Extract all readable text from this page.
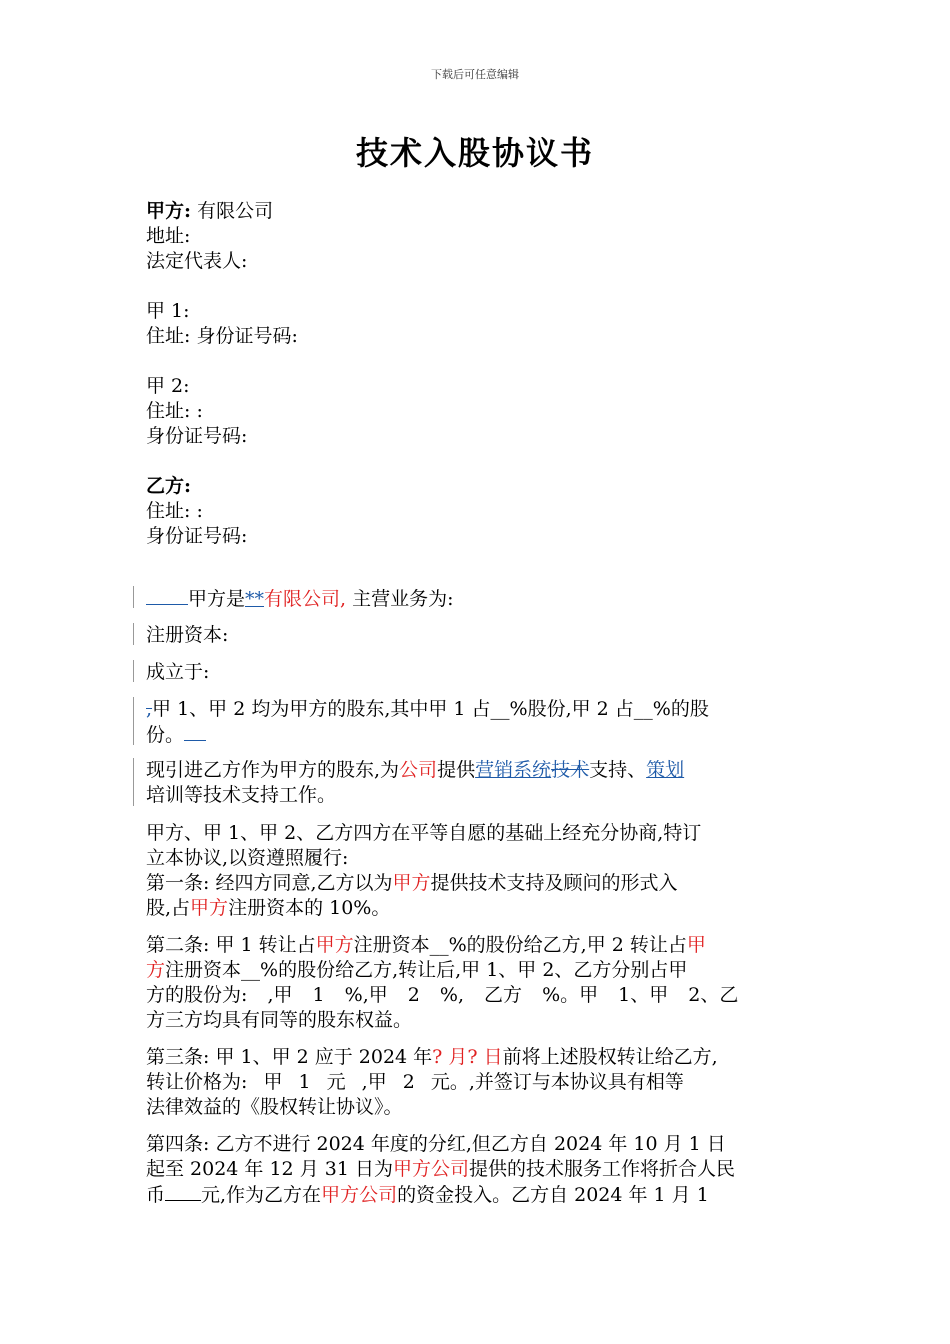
下载后可任意编辑
技术入股协议书
甲方: 有限公司
地址:
法定代表人:
甲 1:
住址: 身份证号码:
甲 2:
住址: :
身份证号码:
乙方:
住址: :
身份证号码:
甲方是**有限公司, 主营业务为:
注册资本:
成立于:
,甲 1、甲 2 均为甲方的股东,其中甲 1 占__%股份,甲 2 占__%的股
份。
现引进乙方作为甲方的股东,为公司提供营销系统技术支持、策划
培训等技术支持工作。
甲方、甲 1、甲 2、乙方四方在平等自愿的基础上经充分协商,特订
立本协议,以资遵照履行:
第一条: 经四方同意,乙方以为甲方提供技术支持及顾问的形式入
股,占甲方注册资本的 10%。
第二条: 甲 1 转让占甲方注册资本__%的股份给乙方,甲 2 转让占甲
方注册资本__%的股份给乙方,转让后,甲 1、甲 2、乙方分别占甲
方的股份为: ,甲 1 %,甲 2 %, 乙方 %。甲 1、甲 2、乙
方三方均具有同等的股东权益。
第三条: 甲 1、甲 2 应于 2024 年? 月? 日前将上述股权转让给乙方,
转让价格为: 甲 1 元 ,甲 2 元。,并签订与本协议具有相等
法律效益的《股权转让协议》。
第四条: 乙方不进行 2024 年度的分红,但乙方自 2024 年 10 月 1 日
起至 2024 年 12 月 31 日为甲方公司提供的技术服务工作将折合人民
币 元,作为乙方在甲方公司的资金投入。乙方自 2024 年 1 月 1
